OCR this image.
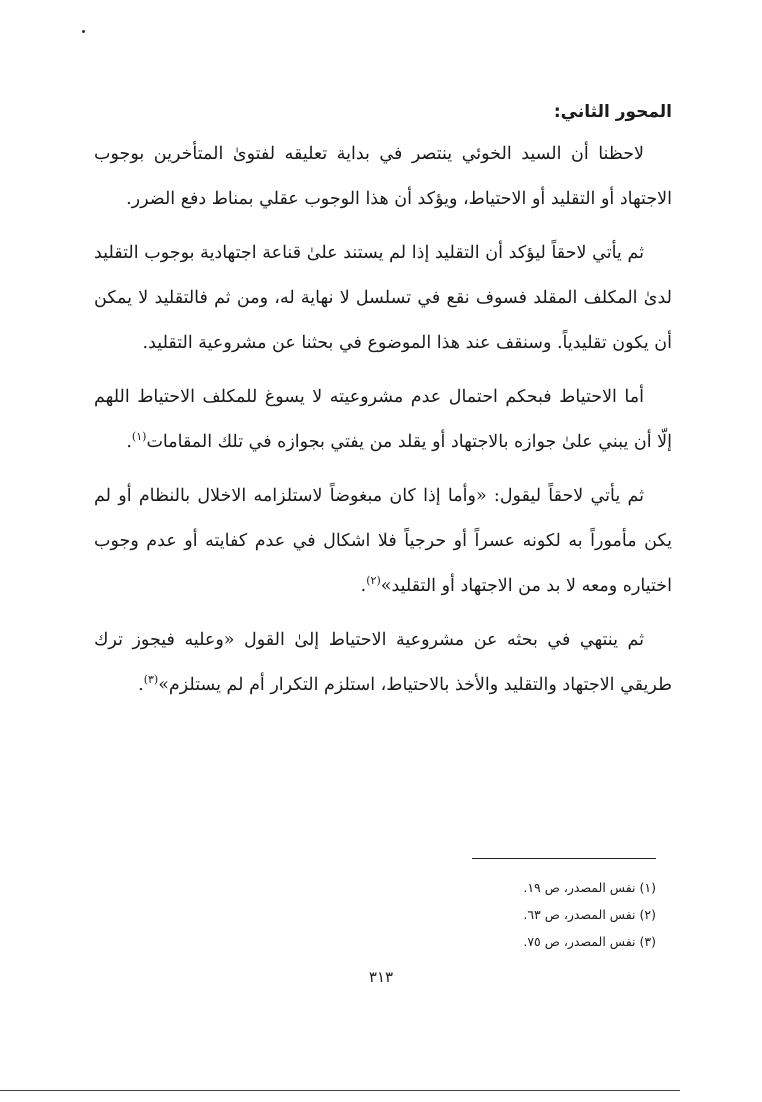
المحور الثاني:

لاحظنا أن السيد الخوئي ينتصر في بداية تعليقه لفتوىٰ المتأخرين بوجوب الاجتهاد أو التقليد أو الاحتياط، ويؤكد أن هذا الوجوب عقلي بمناط دفع الضرر.

ثم يأتي لاحقاً ليؤكد أن التقليد إذا لم يستند علىٰ قناعة اجتهادية بوجوب التقليد لدىٰ المكلف المقلد فسوف نقع في تسلسل لا نهاية له، ومن ثم فالتقليد لا يمكن أن يكون تقليدياً. وسنقف عند هذا الموضوع في بحثنا عن مشروعية التقليد.

أما الاحتياط فبحكم احتمال عدم مشروعيته لا يسوغ للمكلف الاحتياط اللهم إلّا أن يبني علىٰ جوازه بالاجتهاد أو يقلد من يفتي بجوازه في تلك المقامات$^{(١)}$.

ثم يأتي لاحقاً ليقول: «وأما إذا كان مبغوضاً لاستلزامه الاخلال بالنظام أو لم يكن مأموراً به لكونه عسراً أو حرجياً فلا اشكال في عدم كفايته أو عدم وجوب اختياره ومعه لا بد من الاجتهاد أو التقليد»$^{(٢)}$.

ثم ينتهي في بحثه عن مشروعية الاحتياط إلىٰ القول «وعليه فيجوز ترك طريقي الاجتهاد والتقليد والأخذ بالاحتياط، استلزم التكرار أم لم يستلزم»$^{(٣)}$.

(١) نفس المصدر، ص ١٩.

(٢) نفس المصدر، ص ٦٣.

(٣) نفس المصدر، ص ٧٥.

٣١٣
